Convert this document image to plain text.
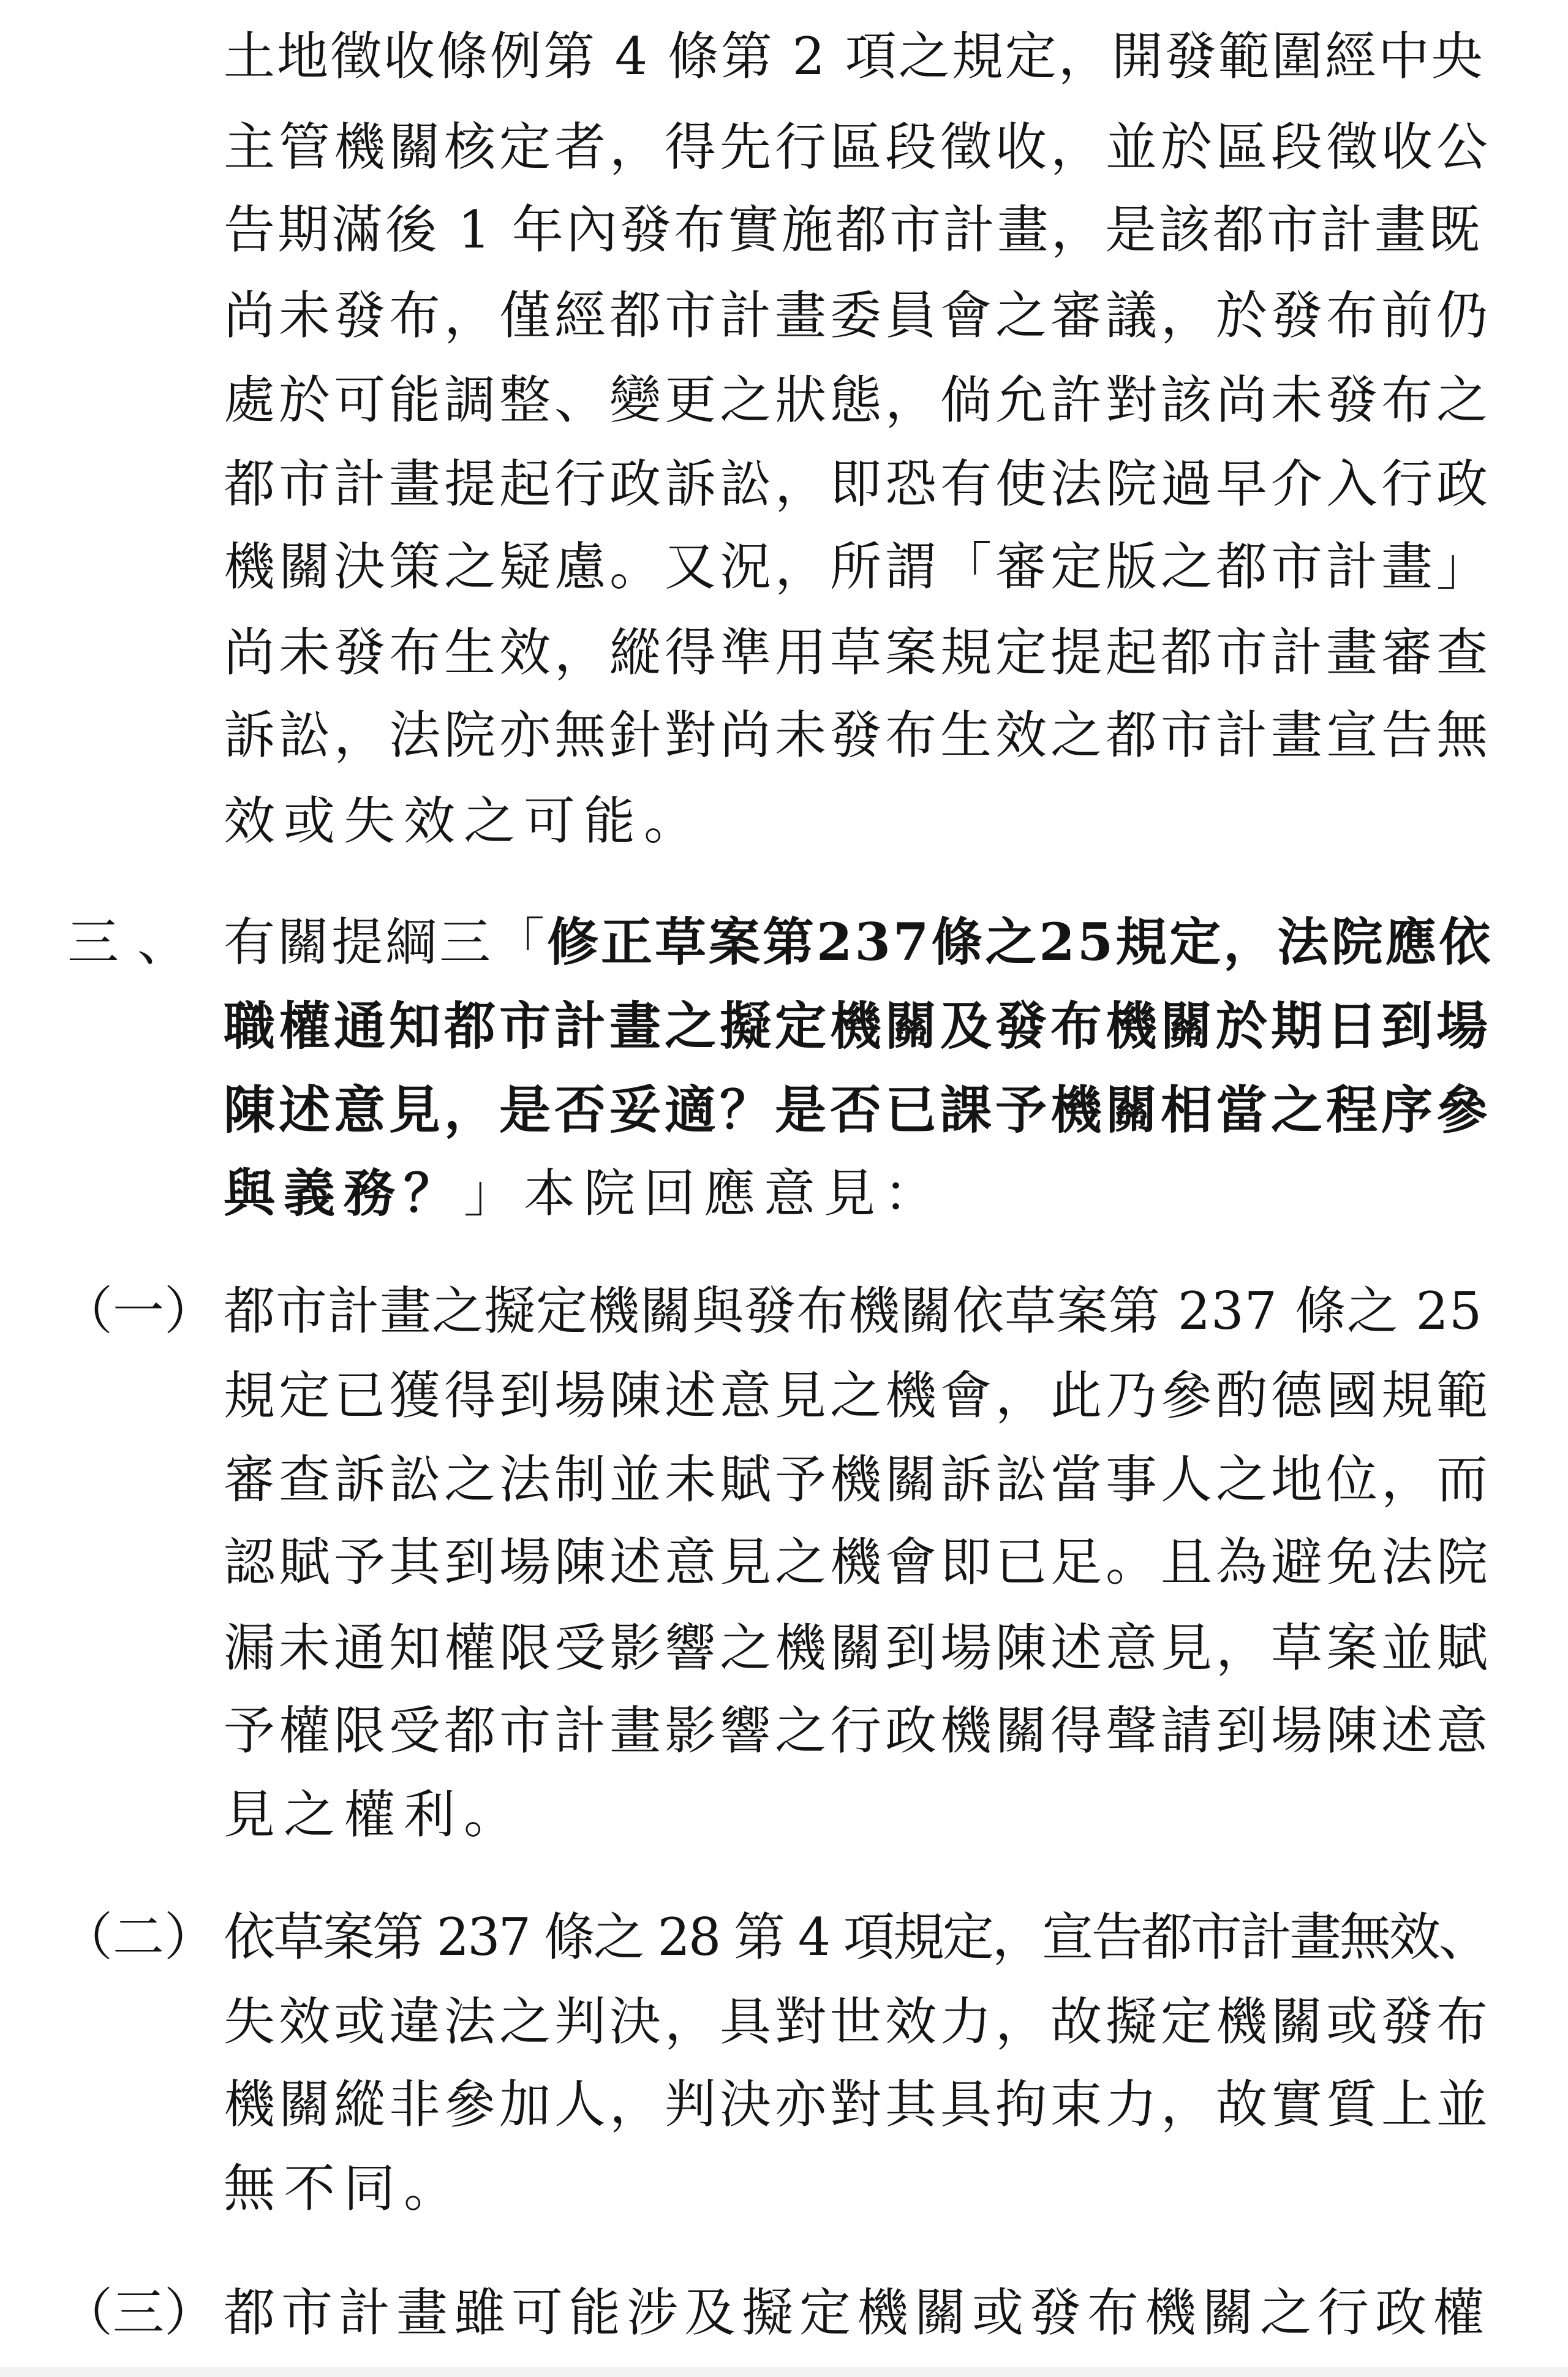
土地徵收條例第 4 條第 2 項之規定，開發範圍經中央
主管機關核定者，得先行區段徵收，並於區段徵收公
告期滿後 1 年內發布實施都市計畫，是該都市計畫既
尚未發布，僅經都市計畫委員會之審議，於發布前仍
處於可能調整、變更之狀態，倘允許對該尚未發布之
都市計畫提起行政訴訟，即恐有使法院過早介入行政
機關決策之疑慮。又況，所謂「審定版之都市計畫」
尚未發布生效，縱得準用草案規定提起都市計畫審查
訴訟，法院亦無針對尚未發布生效之都市計畫宣告無
效或失效之可能。
三、 有關提綱三「修正草案第237條之25規定，法院應依
職權通知都市計畫之擬定機關及發布機關於期日到場
陳述意見，是否妥適？是否已課予機關相當之程序參
與義務？」本院回應意見：
（一） 都市計畫之擬定機關與發布機關依草案第 237 條之 25
規定已獲得到場陳述意見之機會，此乃參酌德國規範
審查訴訟之法制並未賦予機關訴訟當事人之地位，而
認賦予其到場陳述意見之機會即已足。且為避免法院
漏未通知權限受影響之機關到場陳述意見，草案並賦
予權限受都市計畫影響之行政機關得聲請到場陳述意
見之權利。
（二） 依草案第 237 條之 28 第 4 項規定，宣告都市計畫無效、
失效或違法之判決，具對世效力，故擬定機關或發布
機關縱非參加人，判決亦對其具拘束力，故實質上並
無不同。
（三） 都市計畫雖可能涉及擬定機關或發布機關之行政權
